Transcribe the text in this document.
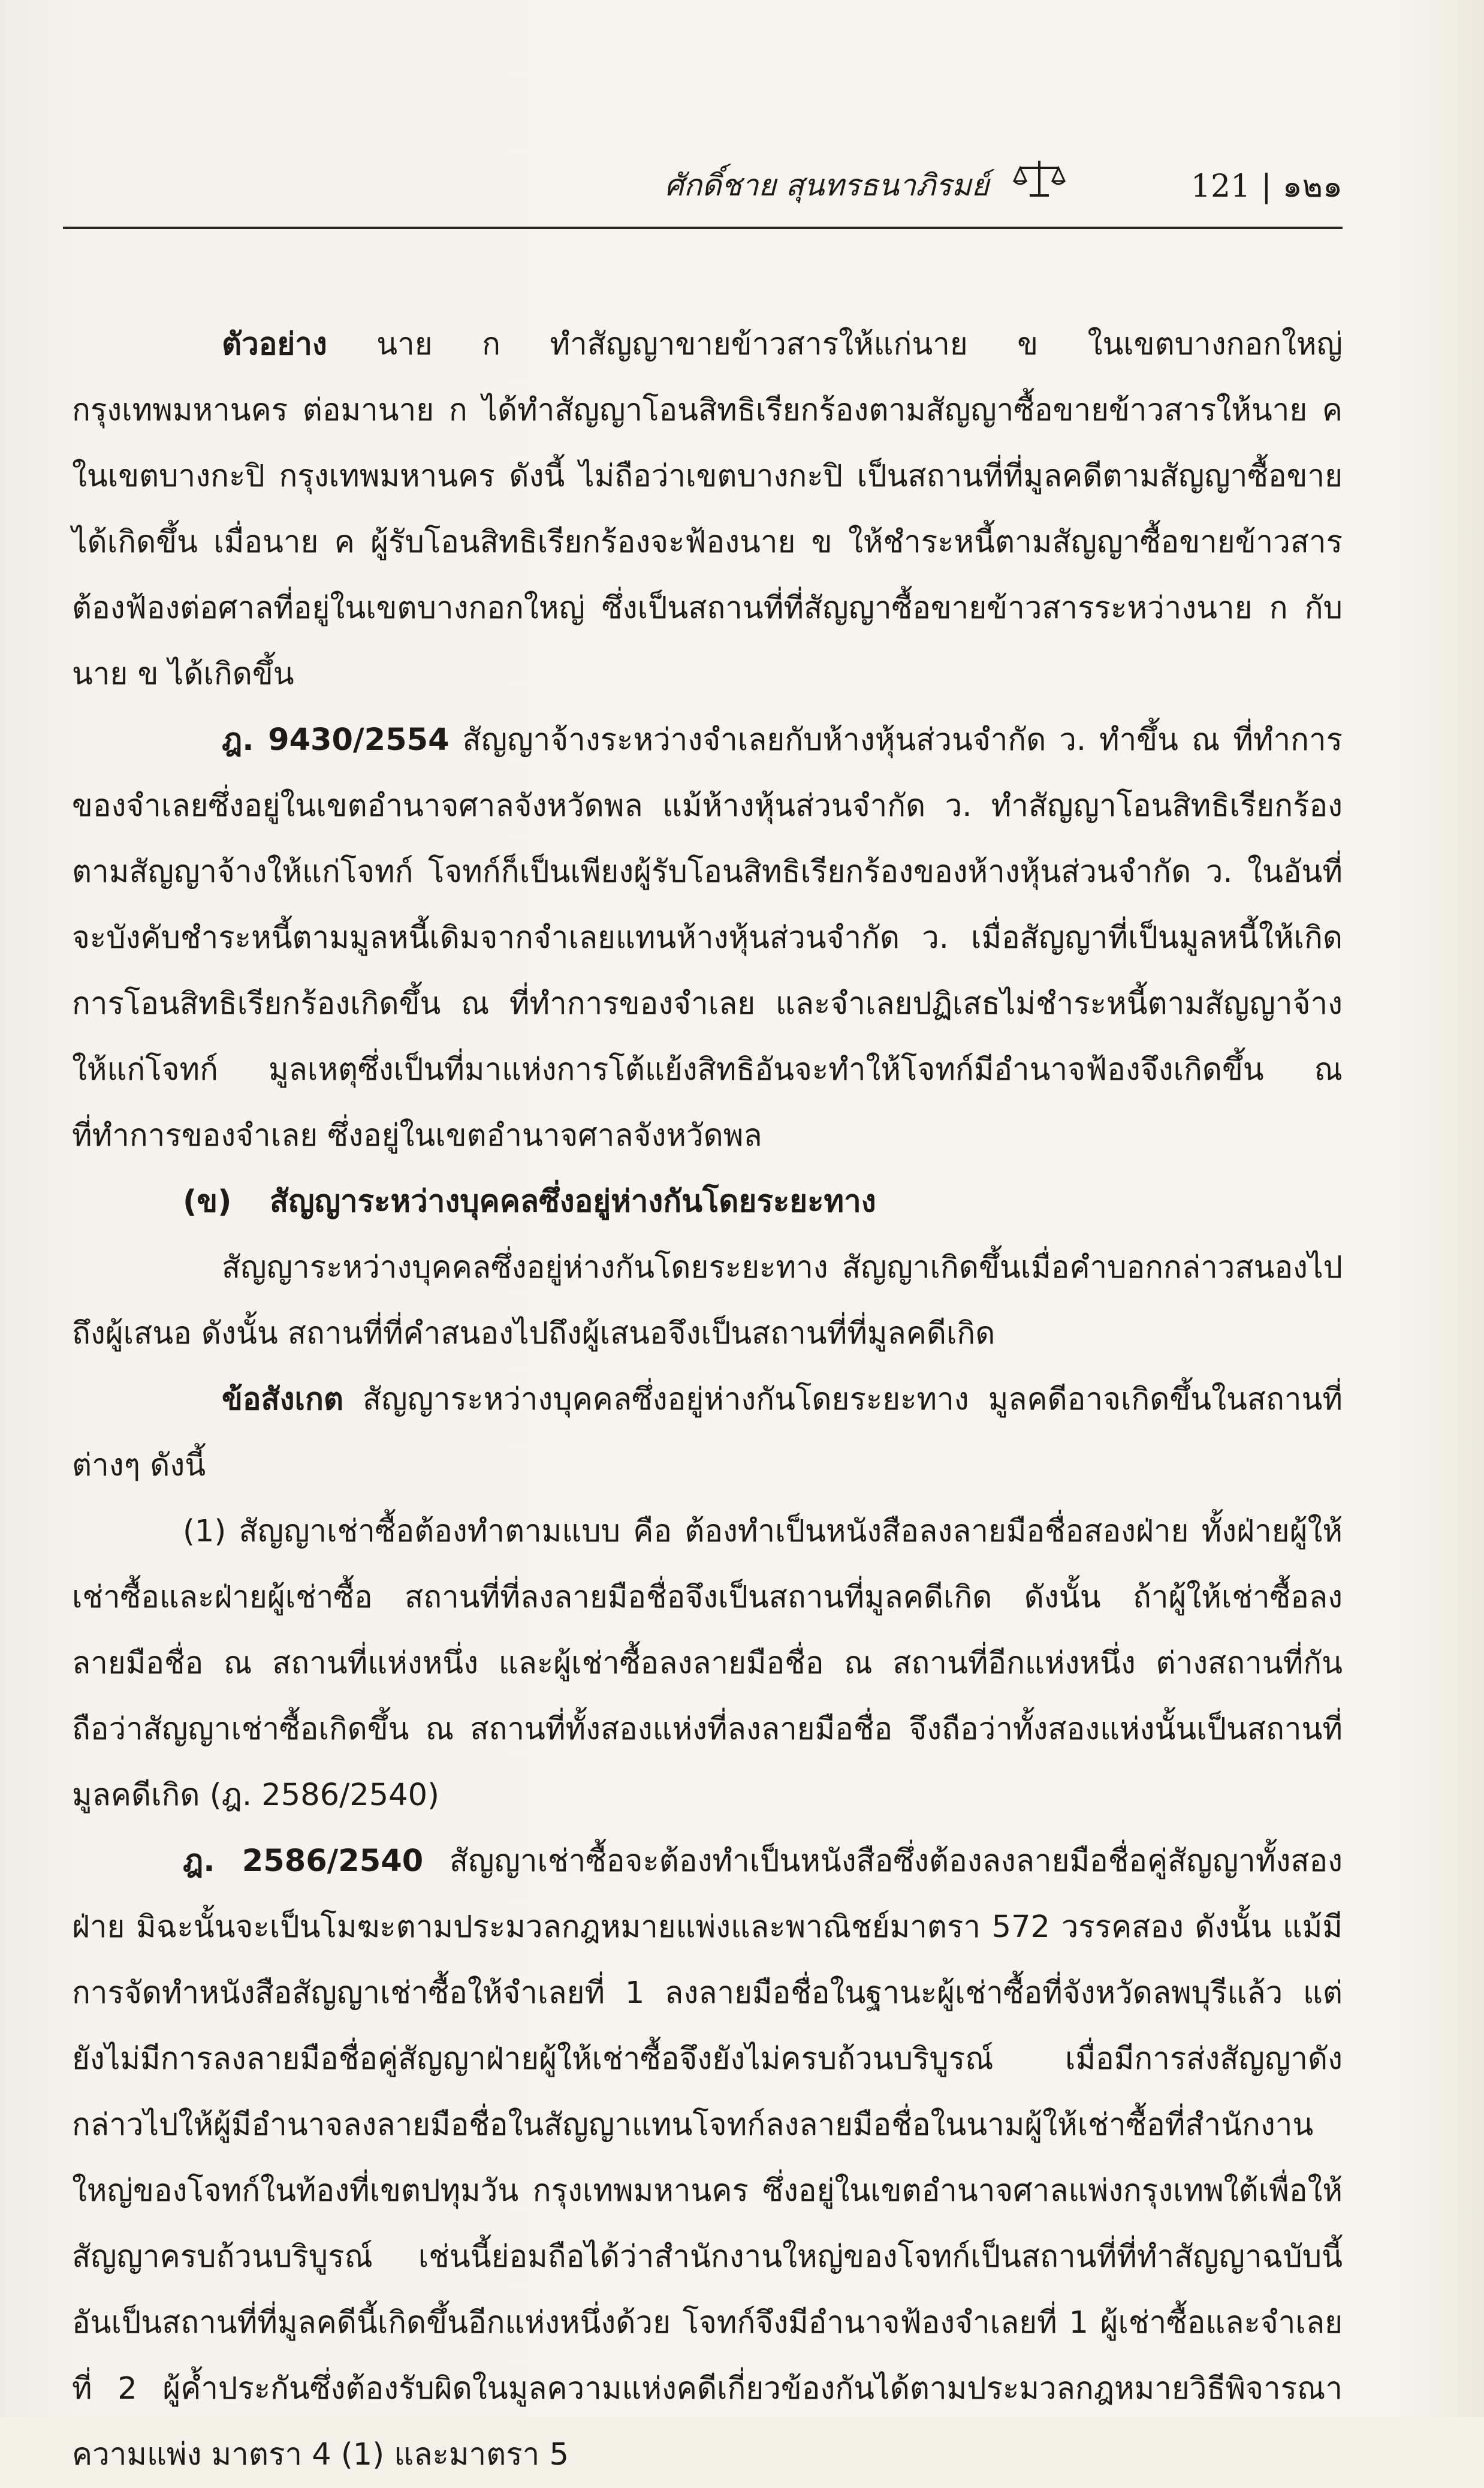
ศักดิ์ชาย สุนทรธนาภิรมย์	121 | ๑๒๑

ตัวอย่าง นาย ก ทำสัญญาขายข้าวสารให้แก่นาย ข ในเขตบางกอกใหญ่ กรุงเทพมหานคร ต่อมานาย ก ได้ทำสัญญาโอนสิทธิเรียกร้องตามสัญญาซื้อขายข้าวสารให้นาย ค ในเขตบางกะปิ กรุงเทพมหานคร ดังนี้ ไม่ถือว่าเขตบางกะปิ เป็นสถานที่ที่มูลคดีตามสัญญาซื้อขายได้เกิดขึ้น เมื่อนาย ค ผู้รับโอนสิทธิเรียกร้องจะฟ้องนาย ข ให้ชำระหนี้ตามสัญญาซื้อขายข้าวสารต้องฟ้องต่อศาลที่อยู่ในเขตบางกอกใหญ่ ซึ่งเป็นสถานที่ที่สัญญาซื้อขายข้าวสารระหว่างนาย ก กับนาย ข ได้เกิดขึ้น

ฎ. 9430/2554 สัญญาจ้างระหว่างจำเลยกับห้างหุ้นส่วนจำกัด ว. ทำขึ้น ณ ที่ทำการของจำเลยซึ่งอยู่ในเขตอำนาจศาลจังหวัดพล แม้ห้างหุ้นส่วนจำกัด ว. ทำสัญญาโอนสิทธิเรียกร้องตามสัญญาจ้างให้แก่โจทก์ โจทก์ก็เป็นเพียงผู้รับโอนสิทธิเรียกร้องของห้างหุ้นส่วนจำกัด ว. ในอันที่จะบังคับชำระหนี้ตามมูลหนี้เดิมจากจำเลยแทนห้างหุ้นส่วนจำกัด ว. เมื่อสัญญาที่เป็นมูลหนี้ให้เกิดการโอนสิทธิเรียกร้องเกิดขึ้น ณ ที่ทำการของจำเลย และจำเลยปฏิเสธไม่ชำระหนี้ตามสัญญาจ้างให้แก่โจทก์ มูลเหตุซึ่งเป็นที่มาแห่งการโต้แย้งสิทธิอันจะทำให้โจทก์มีอำนาจฟ้องจึงเกิดขึ้น ณ ที่ทำการของจำเลย ซึ่งอยู่ในเขตอำนาจศาลจังหวัดพล

(ข) สัญญาระหว่างบุคคลซึ่งอยู่ห่างกันโดยระยะทาง

สัญญาระหว่างบุคคลซึ่งอยู่ห่างกันโดยระยะทาง สัญญาเกิดขึ้นเมื่อคำบอกกล่าวสนองไปถึงผู้เสนอ ดังนั้น สถานที่ที่คำสนองไปถึงผู้เสนอจึงเป็นสถานที่ที่มูลคดีเกิด

ข้อสังเกต สัญญาระหว่างบุคคลซึ่งอยู่ห่างกันโดยระยะทาง มูลคดีอาจเกิดขึ้นในสถานที่ต่างๆ ดังนี้

(1) สัญญาเช่าซื้อต้องทำตามแบบ คือ ต้องทำเป็นหนังสือลงลายมือชื่อสองฝ่าย ทั้งฝ่ายผู้ให้เช่าซื้อและฝ่ายผู้เช่าซื้อ สถานที่ที่ลงลายมือชื่อจึงเป็นสถานที่มูลคดีเกิด ดังนั้น ถ้าผู้ให้เช่าซื้อลงลายมือชื่อ ณ สถานที่แห่งหนึ่ง และผู้เช่าซื้อลงลายมือชื่อ ณ สถานที่อีกแห่งหนึ่ง ต่างสถานที่กันถือว่าสัญญาเช่าซื้อเกิดขึ้น ณ สถานที่ทั้งสองแห่งที่ลงลายมือชื่อ จึงถือว่าทั้งสองแห่งนั้นเป็นสถานที่มูลคดีเกิด (ฎ. 2586/2540)

ฎ. 2586/2540 สัญญาเช่าซื้อจะต้องทำเป็นหนังสือซึ่งต้องลงลายมือชื่อคู่สัญญาทั้งสองฝ่าย มิฉะนั้นจะเป็นโมฆะตามประมวลกฎหมายแพ่งและพาณิชย์มาตรา 572 วรรคสอง ดังนั้น แม้มีการจัดทำหนังสือสัญญาเช่าซื้อให้จำเลยที่ 1 ลงลายมือชื่อในฐานะผู้เช่าซื้อที่จังหวัดลพบุรีแล้ว แต่ยังไม่มีการลงลายมือชื่อคู่สัญญาฝ่ายผู้ให้เช่าซื้อจึงยังไม่ครบถ้วนบริบูรณ์ เมื่อมีการส่งสัญญาดังกล่าวไปให้ผู้มีอำนาจลงลายมือชื่อในสัญญาแทนโจทก์ลงลายมือชื่อในนามผู้ให้เช่าซื้อที่สำนักงานใหญ่ของโจทก์ในท้องที่เขตปทุมวัน กรุงเทพมหานคร ซึ่งอยู่ในเขตอำนาจศาลแพ่งกรุงเทพใต้เพื่อให้สัญญาครบถ้วนบริบูรณ์ เช่นนี้ย่อมถือได้ว่าสำนักงานใหญ่ของโจทก์เป็นสถานที่ที่ทำสัญญาฉบับนี้อันเป็นสถานที่ที่มูลคดีนี้เกิดขึ้นอีกแห่งหนึ่งด้วย โจทก์จึงมีอำนาจฟ้องจำเลยที่ 1 ผู้เช่าซื้อและจำเลยที่ 2 ผู้ค้ำประกันซึ่งต้องรับผิดในมูลความแห่งคดีเกี่ยวข้องกันได้ตามประมวลกฎหมายวิธีพิจารณาความแพ่ง มาตรา 4 (1) และมาตรา 5
